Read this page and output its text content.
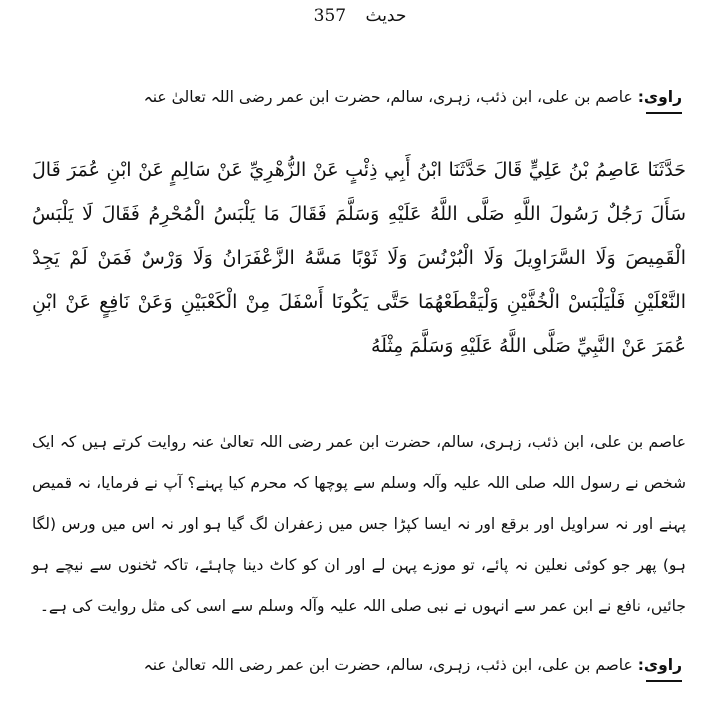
357 حدیث
راوی: عاصم بن علی، ابن ذئب، زہری، سالم، حضرت ابن عمر رضی اللہ تعالیٰ عنہ
حَدَّثَنَا عَاصِمُ بْنُ عَلِيٍّ قَالَ حَدَّثَنَا ابْنُ أَبِي ذِئْبٍ عَنْ الزُّهْرِيِّ عَنْ سَالِمٍ عَنْ ابْنِ عُمَرَ قَالَ سَأَلَ رَجُلٌ رَسُولَ اللَّهِ صَلَّى اللَّهُ عَلَيْهِ وَسَلَّمَ فَقَالَ مَا يَلْبَسُ الْمُحْرِمُ فَقَالَ لَا يَلْبَسُ الْقَمِيصَ وَلَا السَّرَاوِيلَ وَلَا الْبُرْنُسَ وَلَا ثَوْبًا مَسَّهُ الزَّعْفَرَانُ وَلَا وَرْسٌ فَمَنْ لَمْ يَجِدْ النَّعْلَيْنِ فَلْيَلْبَسْ الْخُفَّيْنِ وَلْيَقْطَعْهُمَا حَتَّى يَكُونَا أَسْفَلَ مِنْ الْكَعْبَيْنِ وَعَنْ نَافِعٍ عَنْ ابْنِ عُمَرَ عَنْ النَّبِيِّ صَلَّى اللَّهُ عَلَيْهِ وَسَلَّمَ مِثْلَهُ
عاصم بن علی، ابن ذئب، زہری، سالم، حضرت ابن عمر رضی اللہ تعالیٰ عنہ روایت کرتے ہیں کہ ایک شخص نے رسول اللہ صلی اللہ علیہ وآلہ وسلم سے پوچھا کہ محرم کیا پہنے؟ آپ نے فرمایا، نہ قمیص پہنے اور نہ سراویل اور برقع اور نہ ایسا کپڑا جس میں زعفران لگ گیا ہو اور نہ اس میں ورس (لگا ہو) پھر جو کوئی نعلین نہ پائے، تو موزے پہن لے اور ان کو کاٹ دینا چاہئے، تاکہ ٹخنوں سے نیچے ہو جائیں، نافع نے ابن عمر سے انہوں نے نبی صلی اللہ علیہ وآلہ وسلم سے اسی کی مثل روایت کی ہے۔
راوی: عاصم بن علی، ابن ذئب، زہری، سالم، حضرت ابن عمر رضی اللہ تعالیٰ عنہ
